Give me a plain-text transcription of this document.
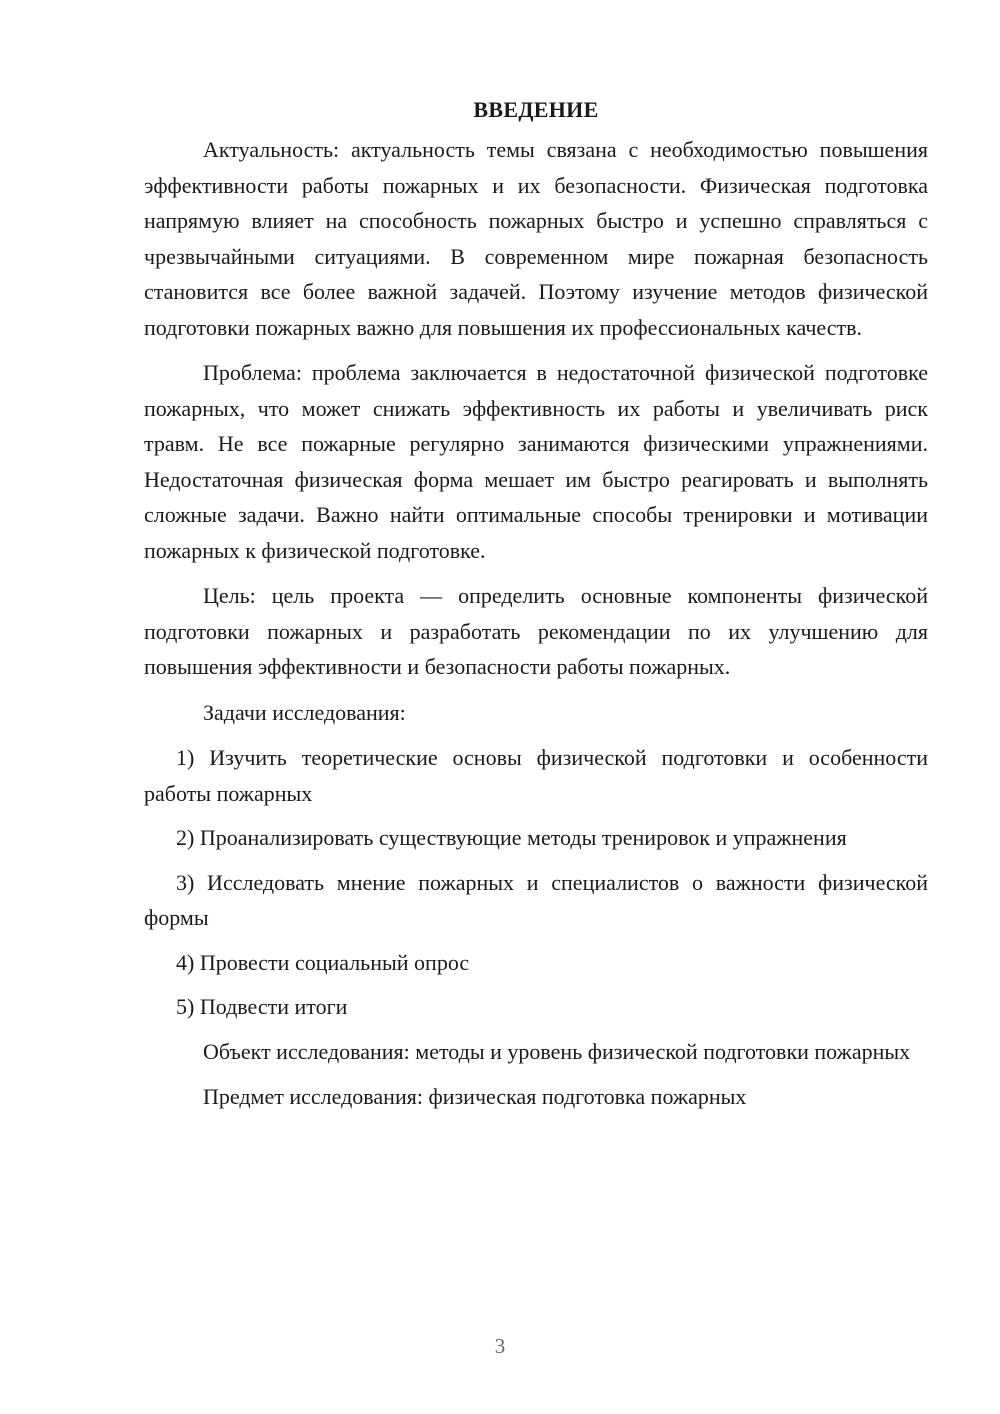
ВВЕДЕНИЕ

Актуальность: актуальность темы связана с необходимостью повышения эффективности работы пожарных и их безопасности. Физическая подготовка напрямую влияет на способность пожарных быстро и успешно справляться с чрезвычайными ситуациями. В современном мире пожарная безопасность становится все более важной задачей. Поэтому изучение методов физической подготовки пожарных важно для повышения их профессиональных качеств.

Проблема: проблема заключается в недостаточной физической подготовке пожарных, что может снижать эффективность их работы и увеличивать риск травм. Не все пожарные регулярно занимаются физическими упражнениями. Недостаточная физическая форма мешает им быстро реагировать и выполнять сложные задачи. Важно найти оптимальные способы тренировки и мотивации пожарных к физической подготовке.

Цель: цель проекта — определить основные компоненты физической подготовки пожарных и разработать рекомендации по их улучшению для повышения эффективности и безопасности работы пожарных.

Задачи исследования:

1) Изучить теоретические основы физической подготовки и особенности работы пожарных

2) Проанализировать существующие методы тренировок и упражнения

3) Исследовать мнение пожарных и специалистов о важности физической формы

4) Провести социальный опрос

5) Подвести итоги

Объект исследования: методы и уровень физической подготовки пожарных

Предмет исследования: физическая подготовка пожарных

3
